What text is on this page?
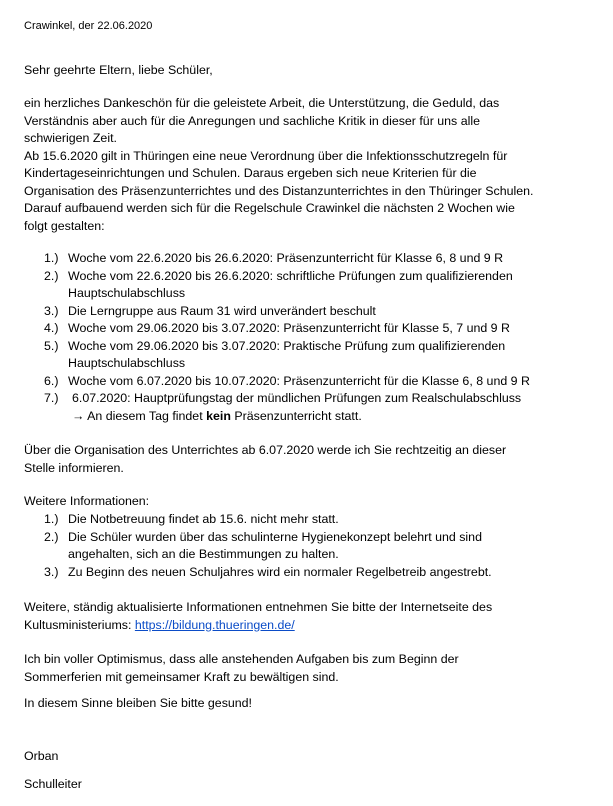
Crawinkel, der 22.06.2020

Sehr geehrte Eltern, liebe Schüler,

ein herzliches Dankeschön für die geleistete Arbeit, die Unterstützung, die Geduld, das

Verständnis aber auch für die Anregungen und sachliche Kritik in dieser für uns alle

schwierigen Zeit.

Ab 15.6.2020 gilt in Thüringen eine neue Verordnung über die Infektionsschutzregeln für

Kindertageseinrichtungen und Schulen. Daraus ergeben sich neue Kriterien für die

Organisation des Präsenzunterrichtes und des Distanzunterrichtes in den Thüringer Schulen.

Darauf aufbauend werden sich für die Regelschule Crawinkel die nächsten 2 Wochen wie

folgt gestalten:

1.) Woche vom 22.6.2020 bis 26.6.2020: Präsenzunterricht für Klasse 6, 8 und 9 R
2.) Woche vom 22.6.2020 bis 26.6.2020: schriftliche Prüfungen zum qualifizierenden
Hauptschulabschluss
3.) Die Lerngruppe aus Raum 31 wird unverändert beschult
4.) Woche vom 29.06.2020 bis 3.07.2020: Präsenzunterricht für Klasse 5, 7 und 9 R
5.) Woche vom 29.06.2020 bis 3.07.2020: Praktische Prüfung zum qualifizierenden
Hauptschulabschluss
6.) Woche vom 6.07.2020 bis 10.07.2020: Präsenzunterricht für die Klasse 6, 8 und 9 R
7.)	6.07.2020: Hauptprüfungstag der mündlichen Prüfungen zum Realschulabschluss
→ An diesem Tag findet kein Präsenzunterricht statt.

Über die Organisation des Unterrichtes ab 6.07.2020 werde ich Sie rechtzeitig an dieser

Stelle informieren.

Weitere Informationen:

1.) Die Notbetreuung findet ab 15.6. nicht mehr statt.
2.) Die Schüler wurden über das schulinterne Hygienekonzept belehrt und sind
angehalten, sich an die Bestimmungen zu halten.
3.) Zu Beginn des neuen Schuljahres wird ein normaler Regelbetreib angestrebt.

Weitere, ständig aktualisierte Informationen entnehmen Sie bitte der Internetseite des

Kultusministeriums: https://bildung.thueringen.de/

Ich bin voller Optimismus, dass alle anstehenden Aufgaben bis zum Beginn der

Sommerferien mit gemeinsamer Kraft zu bewältigen sind.

In diesem Sinne bleiben Sie bitte gesund!

Orban

Schulleiter
